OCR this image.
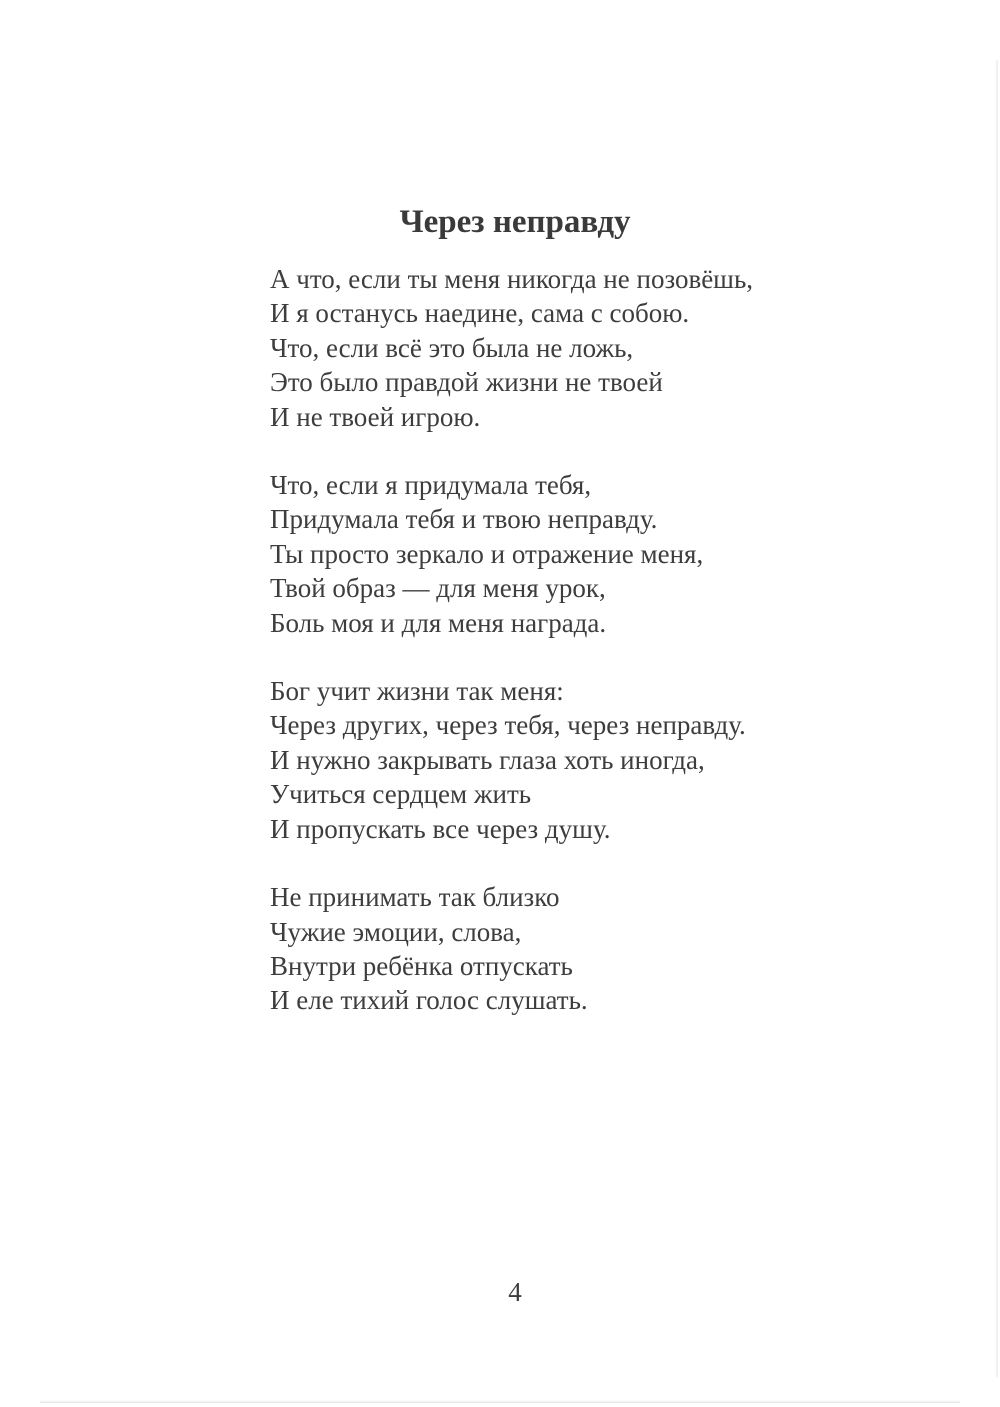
Через неправду
А что, если ты меня никогда не позовёшь,
И я останусь наедине, сама с собою.
Что, если всё это была не ложь,
Это было правдой жизни не твоей
И не твоей игрою.
Что, если я придумала тебя,
Придумала тебя и твою неправду.
Ты просто зеркало и отражение меня,
Твой образ — для меня урок,
Боль моя и для меня награда.
Бог учит жизни так меня:
Через других, через тебя, через неправду.
И нужно закрывать глаза хоть иногда,
Учиться сердцем жить
И пропускать все через душу.
Не принимать так близко
Чужие эмоции, слова,
Внутри ребёнка отпускать
И еле тихий голос слушать.
4
